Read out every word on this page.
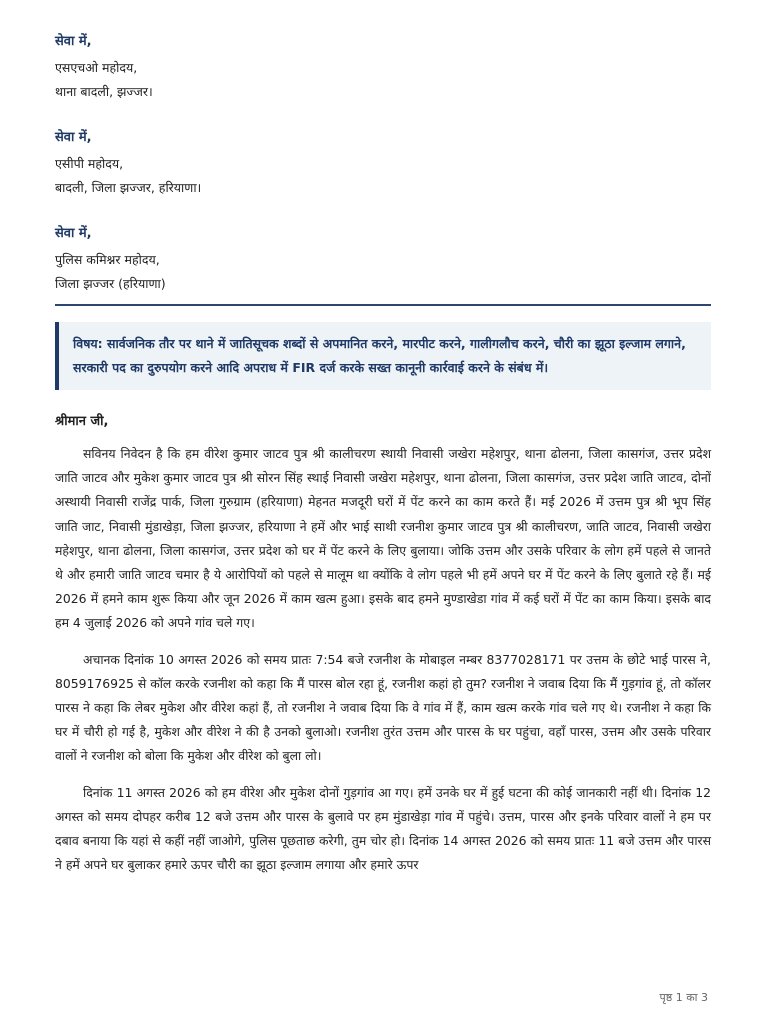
सेवा में,
एसएचओ महोदय,
थाना बादली, झज्जर।
सेवा में,
एसीपी महोदय,
बादली, जिला झज्जर, हरियाणा।
सेवा में,
पुलिस कमिश्नर महोदय,
जिला झज्जर (हरियाणा)
विषय: सार्वजनिक तौर पर थाने में जातिसूचक शब्दों से अपमानित करने, मारपीट करने, गालीगलौच करने, चौरी का झूठा इल्जाम लगाने, सरकारी पद का दुरुपयोग करने आदि अपराध में FIR दर्ज करके सख्त कानूनी कार्रवाई करने के संबंध में।
श्रीमान जी,

सविनय निवेदन है कि हम वीरेश कुमार जाटव पुत्र श्री कालीचरण स्थायी निवासी जखेरा महेशपुर, थाना ढोलना, जिला कासगंज, उत्तर प्रदेश जाति जाटव और मुकेश कुमार जाटव पुत्र श्री सोरन सिंह स्थाई निवासी जखेरा महेशपुर, थाना ढोलना, जिला कासगंज, उत्तर प्रदेश जाति जाटव, दोनों अस्थायी निवासी राजेंद्र पार्क, जिला गुरुग्राम (हरियाणा) मेहनत मजदूरी घरों में पेंट करने का काम करते हैं। मई 2026 में उत्तम पुत्र श्री भूप सिंह जाति जाट, निवासी मुंडाखेड़ा, जिला झज्जर, हरियाणा ने हमें और भाई साथी रजनीश कुमार जाटव पुत्र श्री कालीचरण, जाति जाटव, निवासी जखेरा महेशपुर, थाना ढोलना, जिला कासगंज, उत्तर प्रदेश को घर में पेंट करने के लिए बुलाया। जोकि उत्तम और उसके परिवार के लोग हमें पहले से जानते थे और हमारी जाति जाटव चमार है ये आरोपियों को पहले से मालूम था क्योंकि वे लोग पहले भी हमें अपने घर में पेंट करने के लिए बुलाते रहे हैं। मई 2026 में हमने काम शुरू किया और जून 2026 में काम खत्म हुआ। इसके बाद हमने मुण्डाखेडा गांव में कई घरों में पेंट का काम किया। इसके बाद हम 4 जुलाई 2026 को अपने गांव चले गए।

अचानक दिनांक 10 अगस्त 2026 को समय प्रातः 7:54 बजे रजनीश के मोबाइल नम्बर 8377028171 पर उत्तम के छोटे भाई पारस ने, 8059176925 से कॉल करके रजनीश को कहा कि मैं पारस बोल रहा हूं, रजनीश कहां हो तुम? रजनीश ने जवाब दिया कि मैं गुड़गांव हूं, तो कॉलर पारस ने कहा कि लेबर मुकेश और वीरेश कहां हैं, तो रजनीश ने जवाब दिया कि वे गांव में हैं, काम खत्म करके गांव चले गए थे। रजनीश ने कहा कि घर में चौरी हो गई है, मुकेश और वीरेश ने की है उनको बुलाओ। रजनीश तुरंत उत्तम और पारस के घर पहुंचा, वहाँ पारस, उत्तम और उसके परिवार वालों ने रजनीश को बोला कि मुकेश और वीरेश को बुला लो।

दिनांक 11 अगस्त 2026 को हम वीरेश और मुकेश दोनों गुड़गांव आ गए। हमें उनके घर में हुई घटना की कोई जानकारी नहीं थी। दिनांक 12 अगस्त को समय दोपहर करीब 12 बजे उत्तम और पारस के बुलावे पर हम मुंडाखेड़ा गांव में पहुंचे। उत्तम, पारस और इनके परिवार वालों ने हम पर दबाव बनाया कि यहां से कहीं नहीं जाओगे, पुलिस पूछताछ करेगी, तुम चोर हो। दिनांक 14 अगस्त 2026 को समय प्रातः 11 बजे उत्तम और पारस ने हमें अपने घर बुलाकर हमारे ऊपर चौरी का झूठा इल्जाम लगाया और हमारे ऊपर

पृष्ठ 1 का 3
